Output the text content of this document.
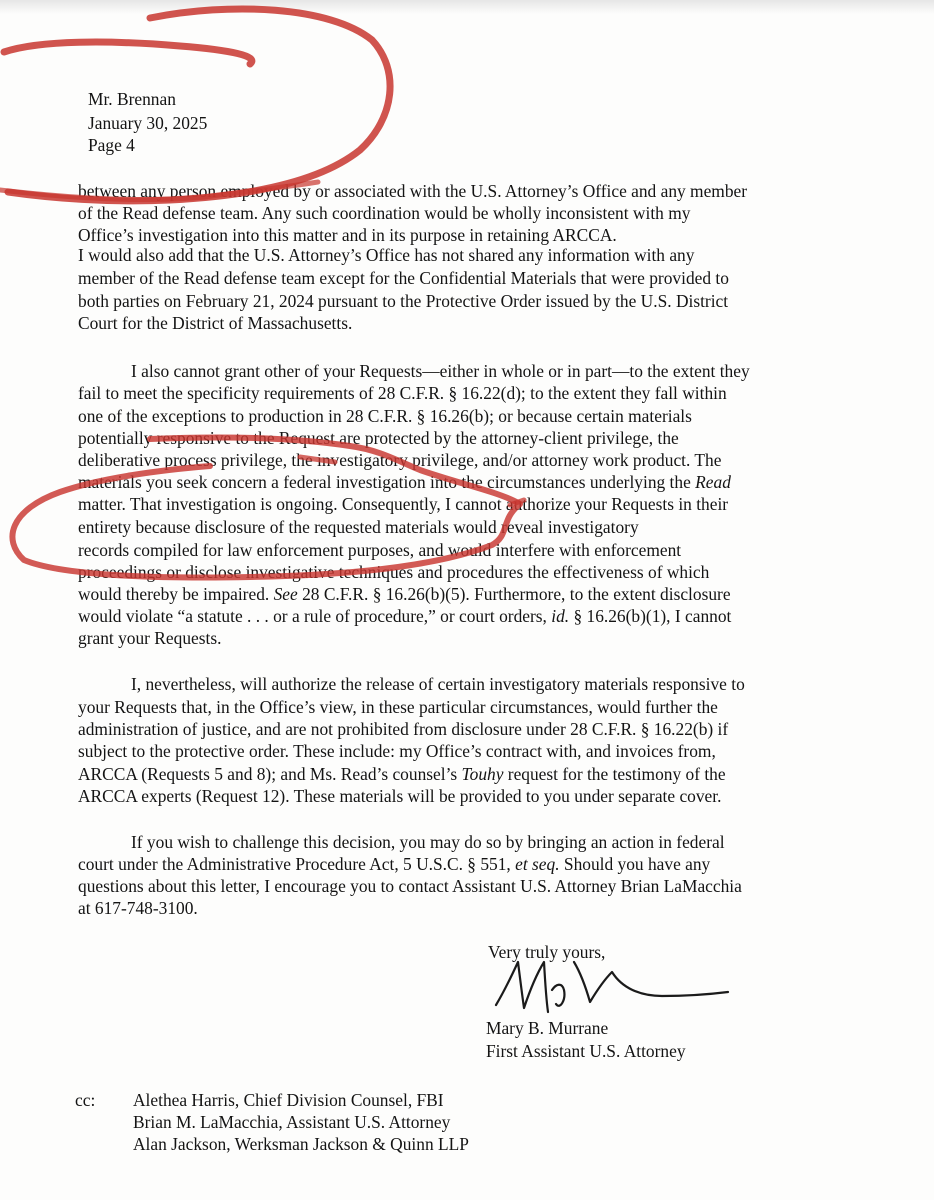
Mr. Brennan
January 30, 2025
Page 4
between any person employed by or associated with the U.S. Attorney’s Office and any member
of the Read defense team. Any such coordination would be wholly inconsistent with my
Office’s investigation into this matter and in its purpose in retaining ARCCA.
I would also add that the U.S. Attorney’s Office has not shared any information with any
member of the Read defense team except for the Confidential Materials that were provided to
both parties on February 21, 2024 pursuant to the Protective Order issued by the U.S. District
Court for the District of Massachusetts.
I also cannot grant other of your Requests—either in whole or in part—to the extent they
fail to meet the specificity requirements of 28 C.F.R. § 16.22(d); to the extent they fall within
one of the exceptions to production in 28 C.F.R. § 16.26(b); or because certain materials
potentially responsive to the Request are protected by the attorney-client privilege, the
deliberative process privilege, the investigatory privilege, and/or attorney work product. The
materials you seek concern a federal investigation into the circumstances underlying the Read
matter. That investigation is ongoing. Consequently, I cannot authorize your Requests in their
entirety because disclosure of the requested materials would reveal investigatory
records compiled for law enforcement purposes, and would interfere with enforcement
proceedings or disclose investigative techniques and procedures the effectiveness of which
would thereby be impaired. See 28 C.F.R. § 16.26(b)(5). Furthermore, to the extent disclosure
would violate “a statute . . . or a rule of procedure,” or court orders, id. § 16.26(b)(1), I cannot
grant your Requests.
I, nevertheless, will authorize the release of certain investigatory materials responsive to
your Requests that, in the Office’s view, in these particular circumstances, would further the
administration of justice, and are not prohibited from disclosure under 28 C.F.R. § 16.22(b) if
subject to the protective order. These include: my Office’s contract with, and invoices from,
ARCCA (Requests 5 and 8); and Ms. Read’s counsel’s Touhy request for the testimony of the
ARCCA experts (Request 12). These materials will be provided to you under separate cover.
If you wish to challenge this decision, you may do so by bringing an action in federal
court under the Administrative Procedure Act, 5 U.S.C. § 551, et seq. Should you have any
questions about this letter, I encourage you to contact Assistant U.S. Attorney Brian LaMacchia
at 617-748-3100.
Very truly yours,
Mary B. Murrane
First Assistant U.S. Attorney
cc: Alethea Harris, Chief Division Counsel, FBI
Brian M. LaMacchia, Assistant U.S. Attorney
Alan Jackson, Werksman Jackson & Quinn LLP
